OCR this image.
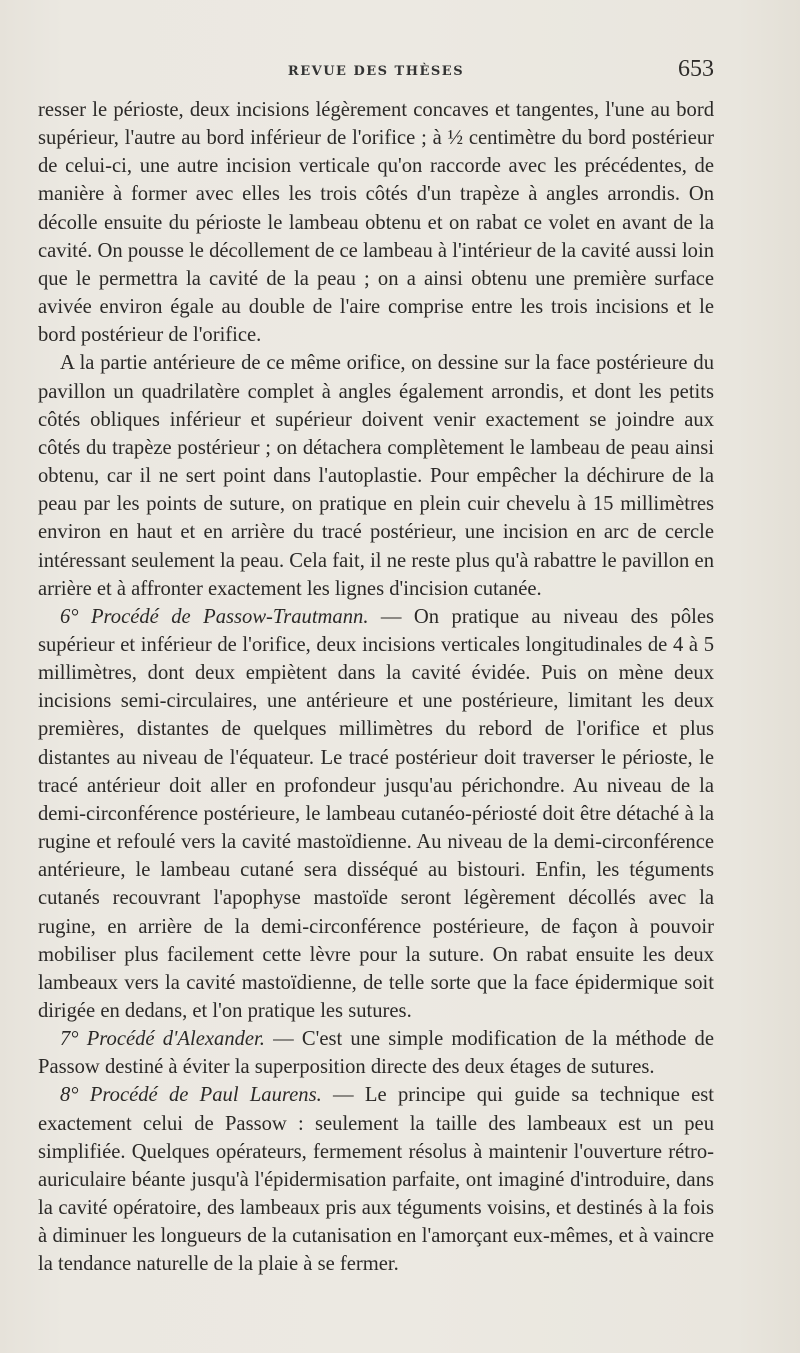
REVUE DES THÈSES	653

resser le périoste, deux incisions légèrement concaves et tangentes, l'une au bord supérieur, l'autre au bord inférieur de l'orifice ; à ½ centimètre du bord postérieur de celui-ci, une autre incision verticale qu'on raccorde avec les précédentes, de manière à former avec elles les trois côtés d'un trapèze à angles arrondis. On décolle ensuite du périoste le lambeau obtenu et on rabat ce volet en avant de la cavité. On pousse le décollement de ce lambeau à l'intérieur de la cavité aussi loin que le permettra la cavité de la peau ; on a ainsi obtenu une première surface avivée environ égale au double de l'aire comprise entre les trois incisions et le bord postérieur de l'orifice.

A la partie antérieure de ce même orifice, on dessine sur la face postérieure du pavillon un quadrilatère complet à angles également arrondis, et dont les petits côtés obliques inférieur et supérieur doivent venir exactement se joindre aux côtés du trapèze postérieur ; on détachera complètement le lambeau de peau ainsi obtenu, car il ne sert point dans l'autoplastie. Pour empêcher la déchirure de la peau par les points de suture, on pratique en plein cuir chevelu à 15 millimètres environ en haut et en arrière du tracé postérieur, une incision en arc de cercle intéressant seulement la peau. Cela fait, il ne reste plus qu'à rabattre le pavillon en arrière et à affronter exactement les lignes d'incision cutanée.

6° Procédé de Passow-Trautmann. — On pratique au niveau des pôles supérieur et inférieur de l'orifice, deux incisions verticales longitudinales de 4 à 5 millimètres, dont deux empiètent dans la cavité évidée. Puis on mène deux incisions semi-circulaires, une antérieure et une postérieure, limitant les deux premières, distantes de quelques millimètres du rebord de l'orifice et plus distantes au niveau de l'équateur. Le tracé postérieur doit traverser le périoste, le tracé antérieur doit aller en profondeur jusqu'au périchondre. Au niveau de la demi-circonférence postérieure, le lambeau cutanéo-périosté doit être détaché à la rugine et refoulé vers la cavité mastoïdienne. Au niveau de la demi-circonférence antérieure, le lambeau cutané sera disséqué au bistouri. Enfin, les téguments cutanés recouvrant l'apophyse mastoïde seront légèrement décollés avec la rugine, en arrière de la demi-circonférence postérieure, de façon à pouvoir mobiliser plus facilement cette lèvre pour la suture. On rabat ensuite les deux lambeaux vers la cavité mastoïdienne, de telle sorte que la face épidermique soit dirigée en dedans, et l'on pratique les sutures.

7° Procédé d'Alexander. — C'est une simple modification de la méthode de Passow destiné à éviter la superposition directe des deux étages de sutures.

8° Procédé de Paul Laurens. — Le principe qui guide sa technique est exactement celui de Passow : seulement la taille des lambeaux est un peu simplifiée. Quelques opérateurs, fermement résolus à maintenir l'ouverture rétro-auriculaire béante jusqu'à l'épidermisation parfaite, ont imaginé d'introduire, dans la cavité opératoire, des lambeaux pris aux téguments voisins, et destinés à la fois à diminuer les longueurs de la cutanisation en l'amorçant eux-mêmes, et à vaincre la tendance naturelle de la plaie à se fermer.
